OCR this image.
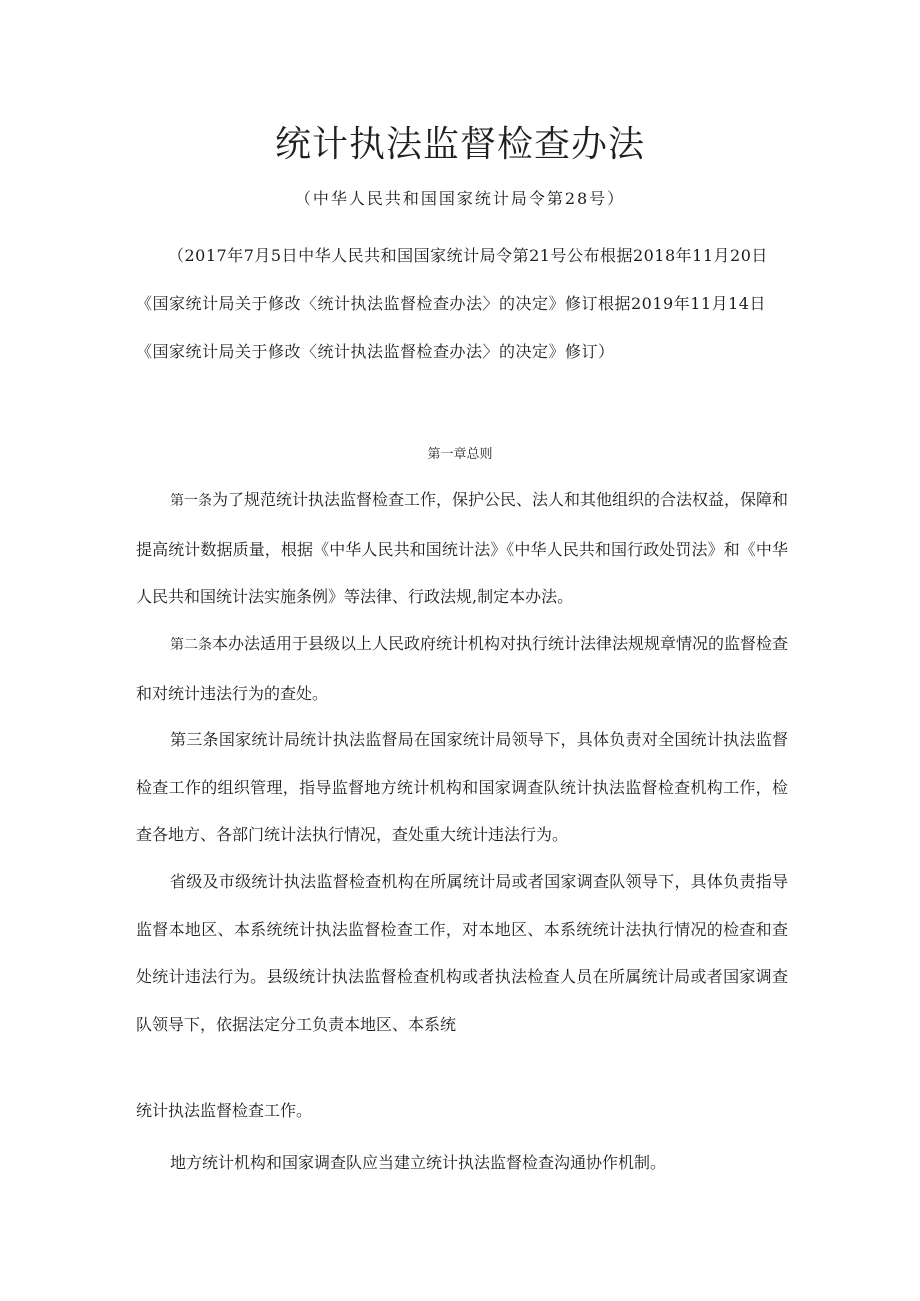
统计执法监督检查办法
（中华人民共和国国家统计局令第28号）
（2017年7月5日中华人民共和国国家统计局令第21号公布根据2018年11月20日《国家统计局关于修改〈统计执法监督检查办法〉的决定》修订根据2019年11月14日《国家统计局关于修改〈统计执法监督检查办法〉的决定》修订）
第一章总则

第一条为了规范统计执法监督检查工作，保护公民、法人和其他组织的合法权益，保障和提高统计数据质量，根据《中华人民共和国统计法》《中华人民共和国行政处罚法》和《中华人民共和国统计法实施条例》等法律、行政法规,制定本办法。

第二条本办法适用于县级以上人民政府统计机构对执行统计法律法规规章情况的监督检查和对统计违法行为的查处。

第三条国家统计局统计执法监督局在国家统计局领导下，具体负责对全国统计执法监督检查工作的组织管理，指导监督地方统计机构和国家调查队统计执法监督检查机构工作，检查各地方、各部门统计法执行情况，查处重大统计违法行为。

省级及市级统计执法监督检查机构在所属统计局或者国家调查队领导下，具体负责指导监督本地区、本系统统计执法监督检查工作，对本地区、本系统统计法执行情况的检查和查处统计违法行为。县级统计执法监督检查机构或者执法检查人员在所属统计局或者国家调查队领导下，依据法定分工负责本地区、本系统

统计执法监督检查工作。

地方统计机构和国家调查队应当建立统计执法监督检查沟通协作机制。
